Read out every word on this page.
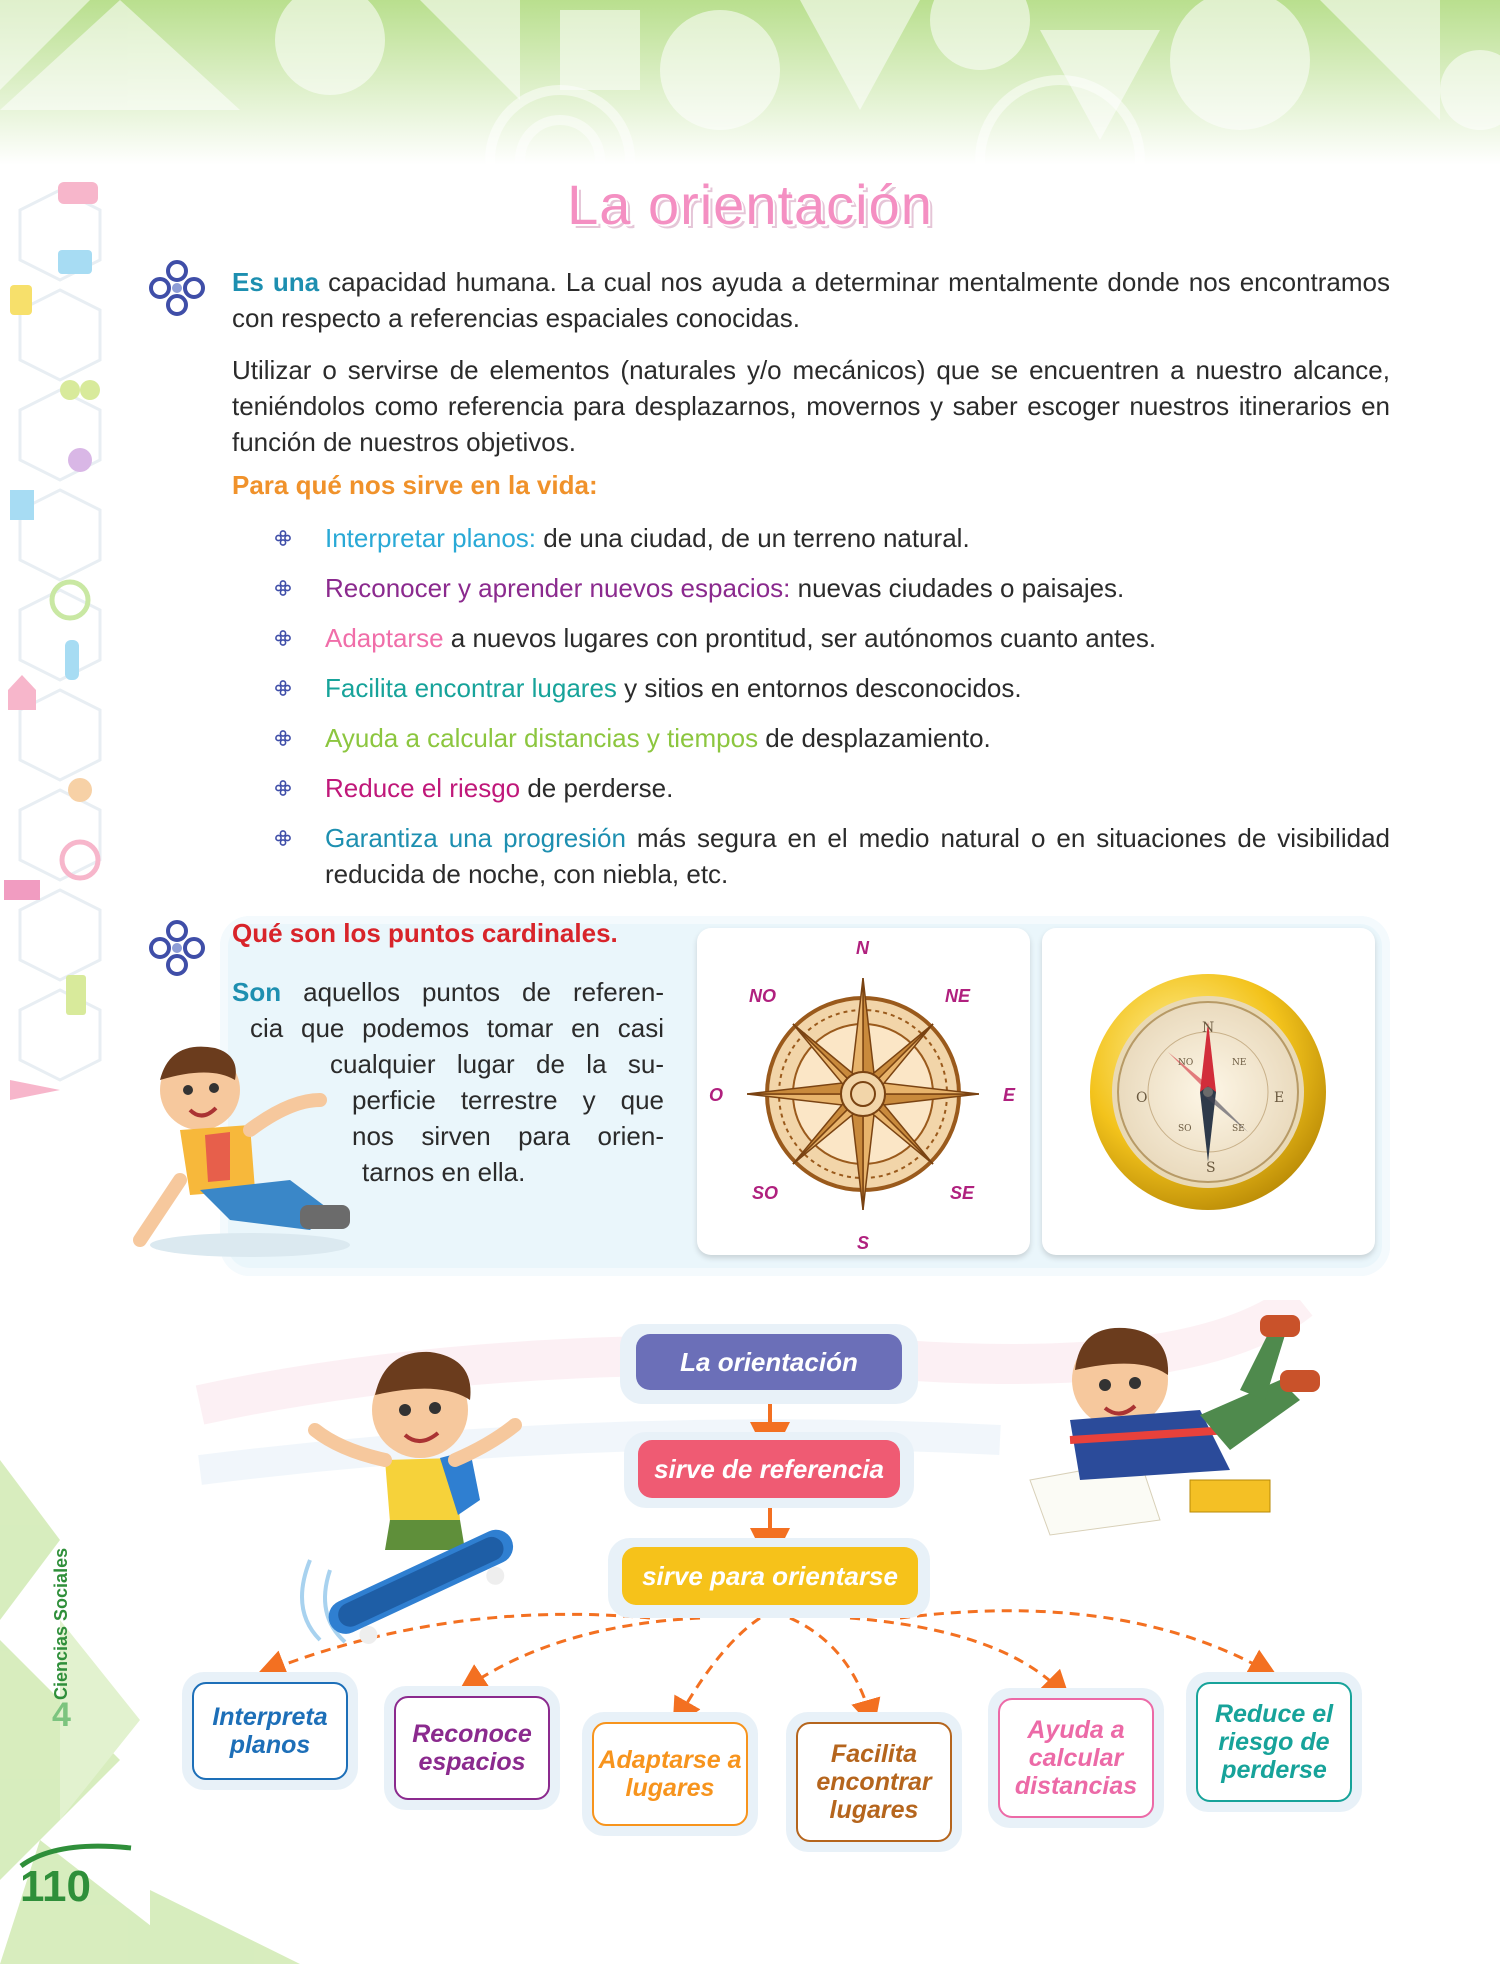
La orientación
Es una capacidad humana. La cual nos ayuda a determinar mentalmente donde nos encontramos con respecto a referencias espaciales conocidas.
Utilizar o servirse de elementos (naturales y/o mecánicos) que se encuentren a nuestro alcance, teniéndolos como referencia para desplazarnos, movernos y saber escoger nuestros itinerarios en función de nuestros objetivos.
Para qué nos sirve en la vida:
Interpretar planos: de una ciudad, de un terreno natural.
Reconocer y aprender nuevos espacios: nuevas ciudades o paisajes.
Adaptarse a nuevos lugares con prontitud, ser autónomos cuanto antes.
Facilita encontrar lugares y sitios en entornos desconocidos.
Ayuda a calcular distancias y tiempos de desplazamiento.
Reduce el riesgo de perderse.
Garantiza una progresión más segura en el medio natural o en situaciones de visibilidad reducida de noche, con niebla, etc.
Qué son los puntos cardinales.
Son aquellos puntos de referen-
cia que podemos tomar en casi
cualquier lugar de la su-
perficie terrestre y que
nos sirven para orien-
tarnos en ella.
N
NO	NE
O	E
SO	SE
S
N
S
E
O
NO	NE
SO	SE
La orientación
sirve de referencia
sirve para orientarse
Interpreta planos	Reconoce espacios	Adaptarse a lugares
Facilita encontrar lugares
Ayuda a calcular distancias
Reduce el riesgo de perderse
Ciencias Sociales
4
110
